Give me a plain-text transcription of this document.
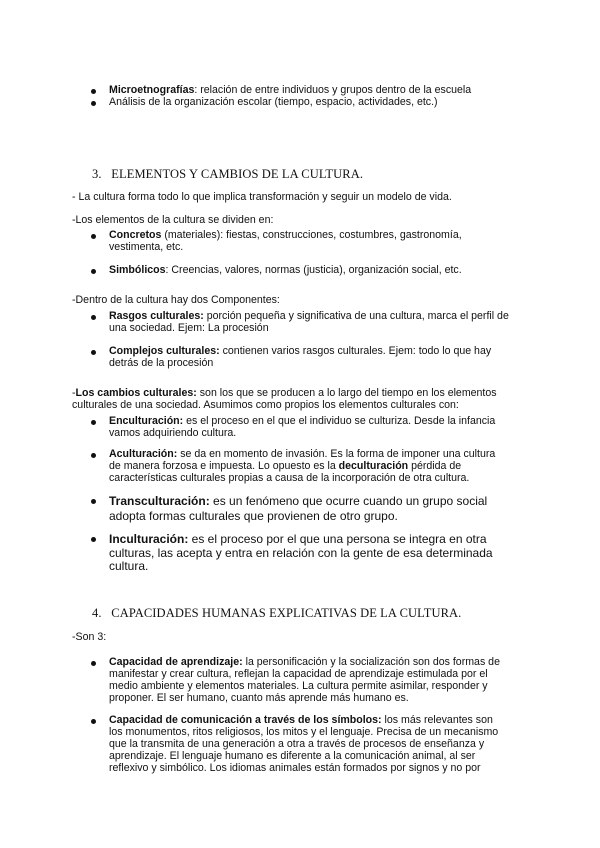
Microetnografías: relación de entre individuos y grupos dentro de la escuela
Análisis de la organización escolar (tiempo, espacio, actividades, etc.)
3. ELEMENTOS Y CAMBIOS DE LA CULTURA.
- La cultura forma todo lo que implica transformación y seguir un modelo de vida.
-Los elementos de la cultura se dividen en:
Concretos (materiales): fiestas, construcciones, costumbres, gastronomía,
vestimenta, etc.
Simbólicos: Creencias, valores, normas (justicia), organización social, etc.
-Dentro de la cultura hay dos Componentes:
Rasgos culturales: porción pequeña y significativa de una cultura, marca el perfil de
una sociedad. Ejem: La procesión
Complejos culturales: contienen varios rasgos culturales. Ejem: todo lo que hay
detrás de la procesión
-Los cambios culturales: son los que se producen a lo largo del tiempo en los elementos
culturales de una sociedad. Asumimos como propios los elementos culturales con:
Enculturación: es el proceso en el que el individuo se culturiza. Desde la infancia
vamos adquiriendo cultura.
Aculturación: se da en momento de invasión. Es la forma de imponer una cultura
de manera forzosa e impuesta. Lo opuesto es la deculturación pérdida de
características culturales propias a causa de la incorporación de otra cultura.
Transculturación: es un fenómeno que ocurre cuando un grupo social
adopta formas culturales que provienen de otro grupo.
Inculturación: es el proceso por el que una persona se integra en otra
culturas, las acepta y entra en relación con la gente de esa determinada
cultura.
4. CAPACIDADES HUMANAS EXPLICATIVAS DE LA CULTURA.
-Son 3:
Capacidad de aprendizaje: la personificación y la socialización son dos formas de
manifestar y crear cultura, reflejan la capacidad de aprendizaje estimulada por el
medio ambiente y elementos materiales. La cultura permite asimilar, responder y
proponer. El ser humano, cuanto más aprende más humano es.
Capacidad de comunicación a través de los símbolos: los más relevantes son
los monumentos, ritos religiosos, los mitos y el lenguaje. Precisa de un mecanismo
que la transmita de una generación a otra a través de procesos de enseñanza y
aprendizaje. El lenguaje humano es diferente a la comunicación animal, al ser
reflexivo y simbólico. Los idiomas animales están formados por signos y no por
